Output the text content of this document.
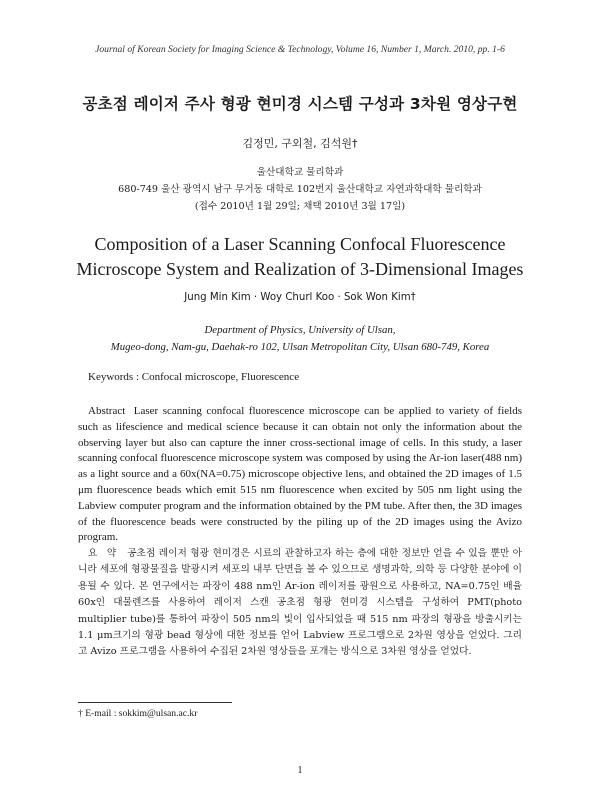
Journal of Korean Society for Imaging Science & Technology, Volume 16, Number 1, March. 2010, pp. 1-6
공초점 레이저 주사 형광 현미경 시스템 구성과 3차원 영상구현
김정민, 구외철, 김석원†
울산대학교 물리학과
680-749 울산 광역시 남구 무거동 대학로 102번지 울산대학교 자연과학대학 물리학과
(접수 2010년 1월 29일; 채택 2010년 3월 17일)
Composition of a Laser Scanning Confocal Fluorescence
Microscope System and Realization of 3-Dimensional Images
Jung Min Kim · Woy Churl Koo · Sok Won Kim†
Department of Physics, University of Ulsan,
Mugeo-dong, Nam-gu, Daehak-ro 102, Ulsan Metropolitan City, Ulsan 680-749, Korea
Keywords : Confocal microscope, Fluorescence

Abstract Laser scanning confocal fluorescence microscope can be applied to variety of fields such as lifescience and medical science because it can obtain not only the information about the observing layer but also can capture the inner cross-sectional image of cells. In this study, a laser scanning confocal fluorescence microscope system was composed by using the Ar-ion laser(488 nm) as a light source and a 60x(NA=0.75) microscope objective lens, and obtained the 2D images of 1.5 μm fluorescence beads which emit 515 nm fluorescence when excited by 505 nm light using the Labview computer program and the information obtained by the PM tube. After then, the 3D images of the fluorescence beads were constructed by the piling up of the 2D images using the Avizo program.

요 약 공초점 레이저 형광 현미경은 시료의 관찰하고자 하는 층에 대한 정보만 얻을 수 있을 뿐만 아니라 세포에 형광물질을 발광시켜 세포의 내부 단면을 볼 수 있으므로 생명과학, 의학 등 다양한 분야에 이용될 수 있다. 본 연구에서는 파장이 488 nm인 Ar-ion 레이저를 광원으로 사용하고, NA=0.75인 배율 60x인 대물렌즈를 사용하여 레이저 스캔 공초점 형광 현미경 시스템을 구성하여 PMT(photo multiplier tube)를 통하여 파장이 505 nm의 빛이 입사되었을 때 515 nm 파장의 형광을 방출시키는 1.1 μm크기의 형광 bead 형상에 대한 정보를 얻어 Labview 프로그램으로 2차원 영상을 얻었다. 그리고 Avizo 프로그램을 사용하여 수집된 2차원 영상들을 포개는 방식으로 3차원 영상을 얻었다.

† E-mail : sokkim@ulsan.ac.kr
1
